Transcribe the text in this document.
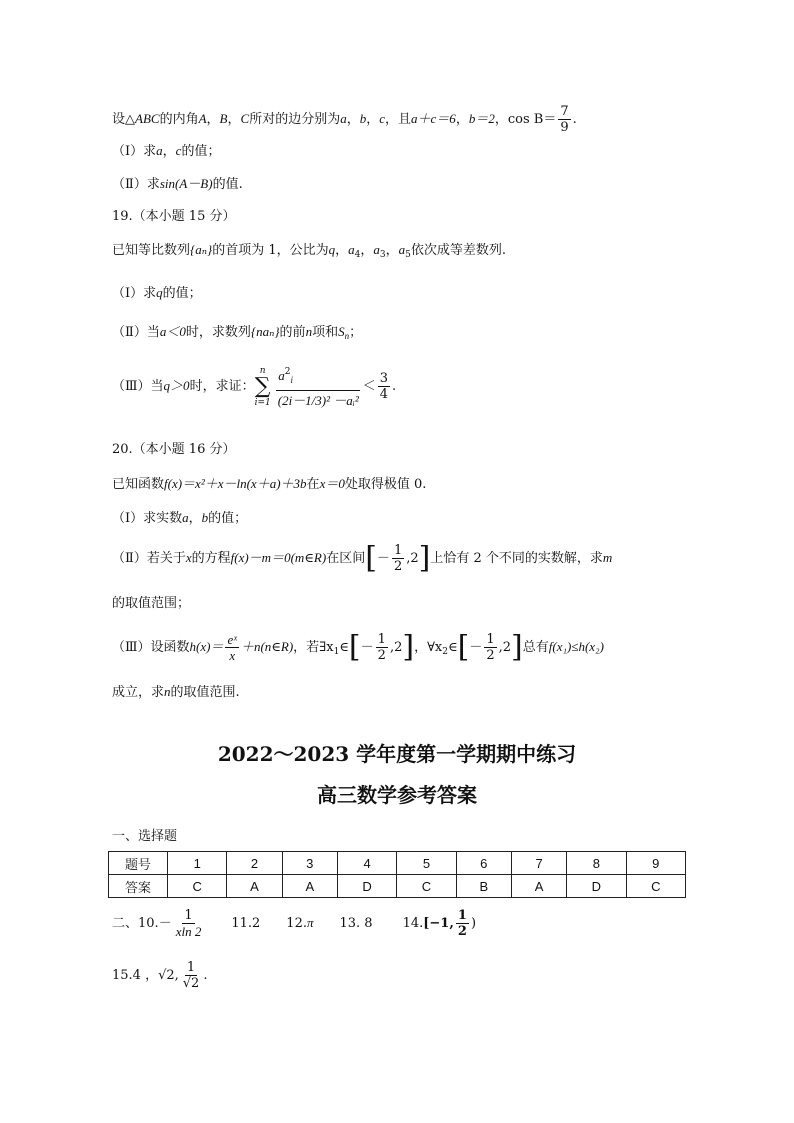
设△ABC的内角A，B，C所对的边分别为a，b，c，且a＋c＝6，b＝2，$\cos B= \frac{7}{9}$ .
（Ⅰ）求a，c的值；
（Ⅱ）求sin(A－B)的值.
19.（本小题 15 分）
已知等比数列{aₙ}的首项为 1，公比为q，$a_4$，$a_3$，$a_5$依次成等差数列.
（Ⅰ）求q的值；
（Ⅱ）当a＜0时，求数列{naₙ}的前n项和$S_n$；
（Ⅲ）当q＞0时，求证：
n
∑
$i=1 \frac{a^2_i}{\text{(2i－1/3)² －aᵢ²}} < \frac{3}{4}$ .
20.（本小题 16 分）
已知函数f(x)＝x²＋x－ln(x＋a)＋3b在x＝0处取得极值 0.
（Ⅰ）求实数a，b的值；
（Ⅱ）若关于x的方程f(x)－m＝0(m∈R)在区间[－ $\frac{1}{2} ,2$]上恰有 2 个不同的实数解，求m
的取值范围；
（Ⅲ）设函数$h(x)= \frac{\text{eˣ}}{x}$ ＋n(n∈R)，若$\exists x_1\in[- \frac{1}{2} ,2]$，$\forall x_2\in[- \frac{1}{2} ,2]$总有f(x₁)≤h(x₂)
成立，求n的取值范围.
2022～2023 学年度第一学期期中练习
高三数学参考答案
一、选择题
题号	1	2	3	4	5	6	7	8	9
答案	C	A	A	D	C	B	A	D	C
二、$10.- \frac{1}{xln 2} 11.2$ 12.π 13. 8 14.[−1, $\frac{1}{2}$ )
15.4 ，√2, $\frac{1}{√2}$ .
